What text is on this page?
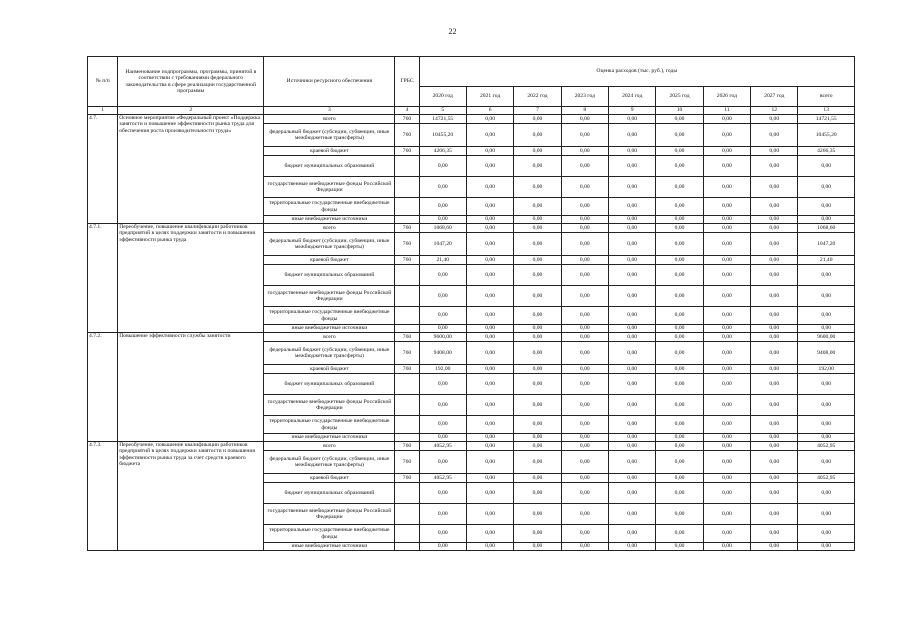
22
№ п/п	Наименование подпрограммы, программы, принятой в соответствии с требованиями федерального законодательства в сфере реализации государственной программы	Источники ресурсного обеспечения	ГРБС	Оценка расходов (тыс. руб.), годы								
				2020 год	2021 год	2022 год	2023 год	2024 год	2025 год	2026 год	2027 год	всего
1	2	3	4	5	6	7	8	9	10	11	12	13
4.7.	Основное мероприятие «Федеральный проект «Поддержка занятости и повышение эффективности рынка труда для обеспечения роста производительности труда»	всего	760	14721,55	0,00	0,00	0,00	0,00	0,00	0,00	0,00	14721,55
		федеральный бюджет (субсидии, субвенции, иные межбюджетные трансферты)	760	10455,20	0,00	0,00	0,00	0,00	0,00	0,00	0,00	10455,20
		краевой бюджет	760	4266,35	0,00	0,00	0,00	0,00	0,00	0,00	0,00	4266,35
		бюджет муниципальных образований		0,00	0,00	0,00	0,00	0,00	0,00	0,00	0,00	0,00
		государственные внебюджетные фонды Российской Федерации		0,00	0,00	0,00	0,00	0,00	0,00	0,00	0,00	0,00
		территориальные государственные внебюджетные фонды		0,00	0,00	0,00	0,00	0,00	0,00	0,00	0,00	0,00
		иные внебюджетные источники		0,00	0,00	0,00	0,00	0,00	0,00	0,00	0,00	0,00
4.7.1.	Переобучение, повышение квалификации работников предприятий в целях поддержки занятости и повышения эффективности рынка труда	всего	760	1068,60	0,00	0,00	0,00	0,00	0,00	0,00	0,00	1068,60
		федеральный бюджет (субсидии, субвенции, иные межбюджетные трансферты)	760	1047,20	0,00	0,00	0,00	0,00	0,00	0,00	0,00	1047,20
		краевой бюджет	760	21,40	0,00	0,00	0,00	0,00	0,00	0,00	0,00	21,40
		бюджет муниципальных образований		0,00	0,00	0,00	0,00	0,00	0,00	0,00	0,00	0,00
		государственные внебюджетные фонды Российской Федерации		0,00	0,00	0,00	0,00	0,00	0,00	0,00	0,00	0,00
		территориальные государственные внебюджетные фонды		0,00	0,00	0,00	0,00	0,00	0,00	0,00	0,00	0,00
		иные внебюджетные источники		0,00	0,00	0,00	0,00	0,00	0,00	0,00	0,00	0,00
4.7.2.	Повышение эффективности службы занятости	всего	760	9600,00	0,00	0,00	0,00	0,00	0,00	0,00	0,00	9600,00
		федеральный бюджет (субсидии, субвенции, иные межбюджетные трансферты)	760	9408,00	0,00	0,00	0,00	0,00	0,00	0,00	0,00	9408,00
		краевой бюджет	760	192,00	0,00	0,00	0,00	0,00	0,00	0,00	0,00	192,00
		бюджет муниципальных образований		0,00	0,00	0,00	0,00	0,00	0,00	0,00	0,00	0,00
		государственные внебюджетные фонды Российской Федерации		0,00	0,00	0,00	0,00	0,00	0,00	0,00	0,00	0,00
		территориальные государственные внебюджетные фонды		0,00	0,00	0,00	0,00	0,00	0,00	0,00	0,00	0,00
		иные внебюджетные источники		0,00	0,00	0,00	0,00	0,00	0,00	0,00	0,00	0,00
4.7.3.	Переобучение, повышение квалификации работников предприятий в целях поддержки занятости и повышения эффективности рынка труда за счет средств краевого бюджета	всего	760	4052,95	0,00	0,00	0,00	0,00	0,00	0,00	0,00	4052,95
		федеральный бюджет (субсидии, субвенции, иные межбюджетные трансферты)	760	0,00	0,00	0,00	0,00	0,00	0,00	0,00	0,00	0,00
		краевой бюджет	760	4052,95	0,00	0,00	0,00	0,00	0,00	0,00	0,00	4052,95
		бюджет муниципальных образований		0,00	0,00	0,00	0,00	0,00	0,00	0,00	0,00	0,00
		государственные внебюджетные фонды Российской Федерации		0,00	0,00	0,00	0,00	0,00	0,00	0,00	0,00	0,00
		территориальные государственные внебюджетные фонды		0,00	0,00	0,00	0,00	0,00	0,00	0,00	0,00	0,00
		иные внебюджетные источники		0,00	0,00	0,00	0,00	0,00	0,00	0,00	0,00	0,00
